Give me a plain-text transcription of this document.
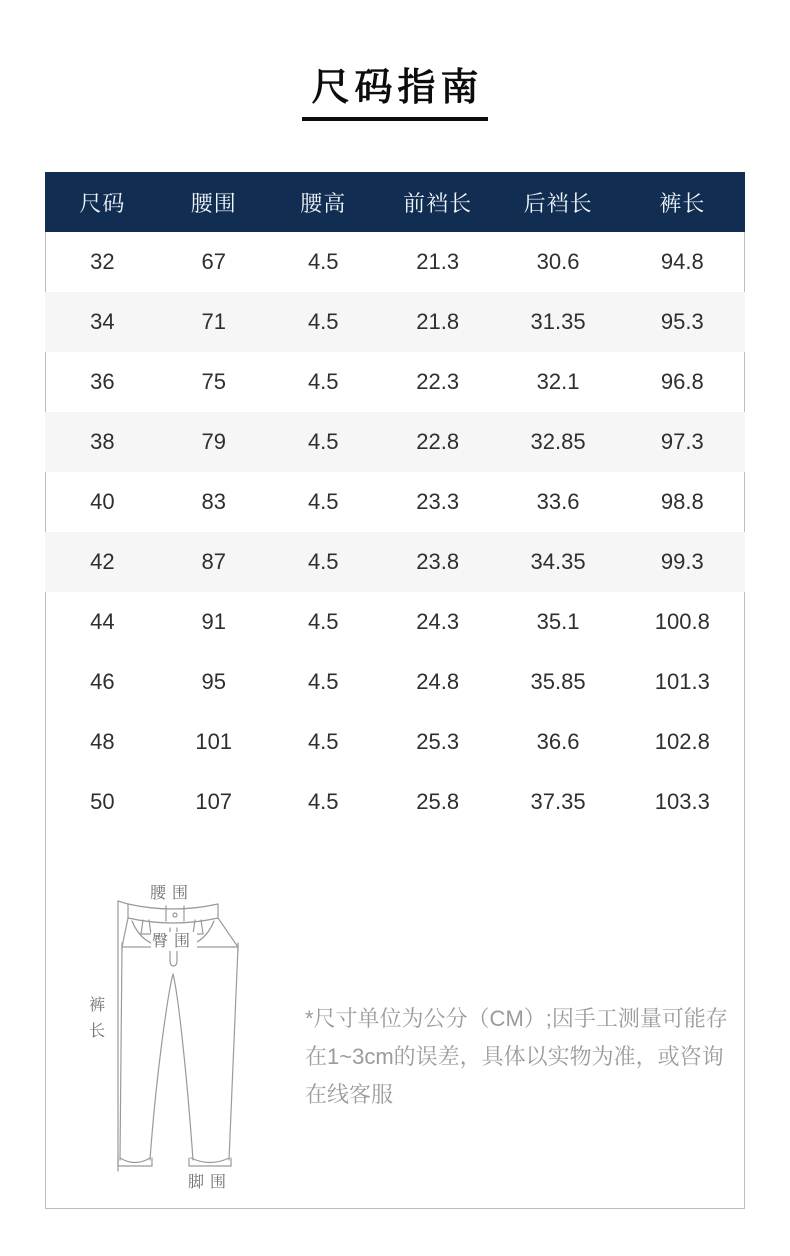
尺码指南
尺码	腰围	腰高	前裆长	后裆长	裤长
32	67	4.5	21.3	30.6	94.8
34	71	4.5	21.8	31.35	95.3
36	75	4.5	22.3	32.1	96.8
38	79	4.5	22.8	32.85	97.3
40	83	4.5	23.3	33.6	98.8
42	87	4.5	23.8	34.35	99.3
44	91	4.5	24.3	35.1	100.8
46	95	4.5	24.8	35.85	101.3
48	101	4.5	25.3	36.6	102.8
50	107	4.5	25.8	37.35	103.3
腰围
臀围
裤长
脚围

*尺寸单位为公分（CM）;因手工测量可能存在1~3cm的误差，具体以实物为准，或咨询在线客服
